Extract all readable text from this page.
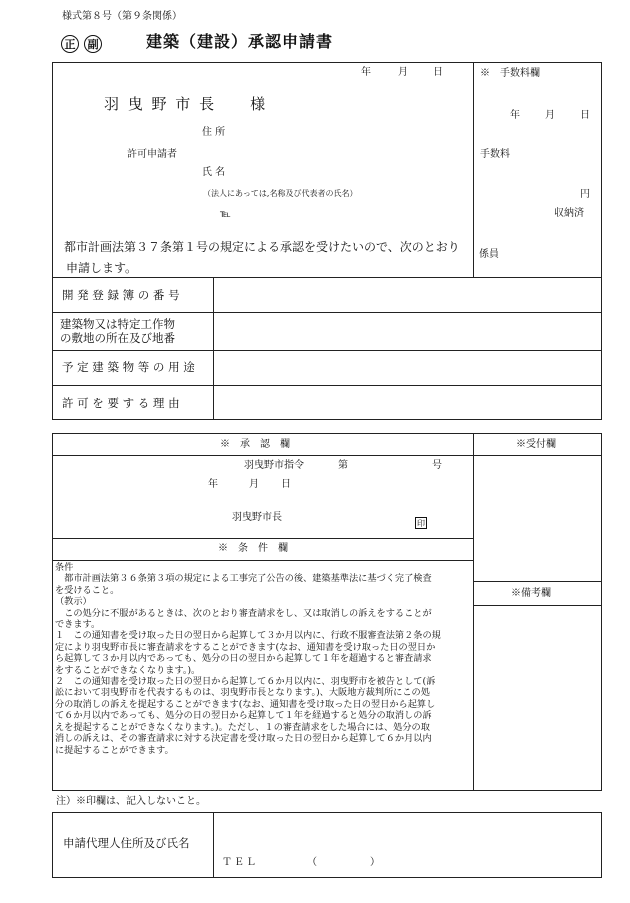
様式第８号（第９条関係）
正 副	建築（建設）承認申請書
年	月	日
羽 曳 野 市 長　　様
住 所
許可申請者
氏 名
（法人にあっては,名称及び代表者の氏名）
℡
都市計画法第３７条第１号の規定による承認を受けたいので、次のとおり
申請します。
※　手数料欄
年	月	日
手数料
円
収納済
係員
開 発 登 録 簿 の 番 号
建築物又は特定工作物
の敷地の所在及び地番
予 定 建 築 物 等 の 用 途
許 可 を 要 す る 理 由
※　承　認　欄	※受付欄
羽曳野市指令	第	号
年	月 日
羽曳野市長
印
※　条　件　欄
※備考欄

条件

都市計画法第３６条第３項の規定による工事完了公告の後、建築基準法に基づく完了検査

を受けること。

（教示）

この処分に不服があるときは、次のとおり審査請求をし、又は取消しの訴えをすることが

できます。

１　この通知書を受け取った日の翌日から起算して３か月以内に、行政不服審査法第２条の規

定により羽曳野市長に審査請求をすることができます(なお、通知書を受け取った日の翌日か

ら起算して３か月以内であっても、処分の日の翌日から起算して１年を超過すると審査請求

をすることができなくなります。)。

２　この通知書を受け取った日の翌日から起算して６か月以内に、羽曳野市を被告として(訴

訟において羽曳野市を代表するものは、羽曳野市長となります。)、大阪地方裁判所にこの処

分の取消しの訴えを提起することができます(なお、通知書を受け取った日の翌日から起算し

て６か月以内であっても、処分の日の翌日から起算して１年を経過すると処分の取消しの訴

えを提起することができなくなります。)。ただし、１の審査請求をした場合には、処分の取

消しの訴えは、その審査請求に対する決定書を受け取った日の翌日から起算して６か月以内

に提起することができます。

注）※印欄は、記入しないこと。
申請代理人住所及び氏名
ＴＥＬ	（	）
